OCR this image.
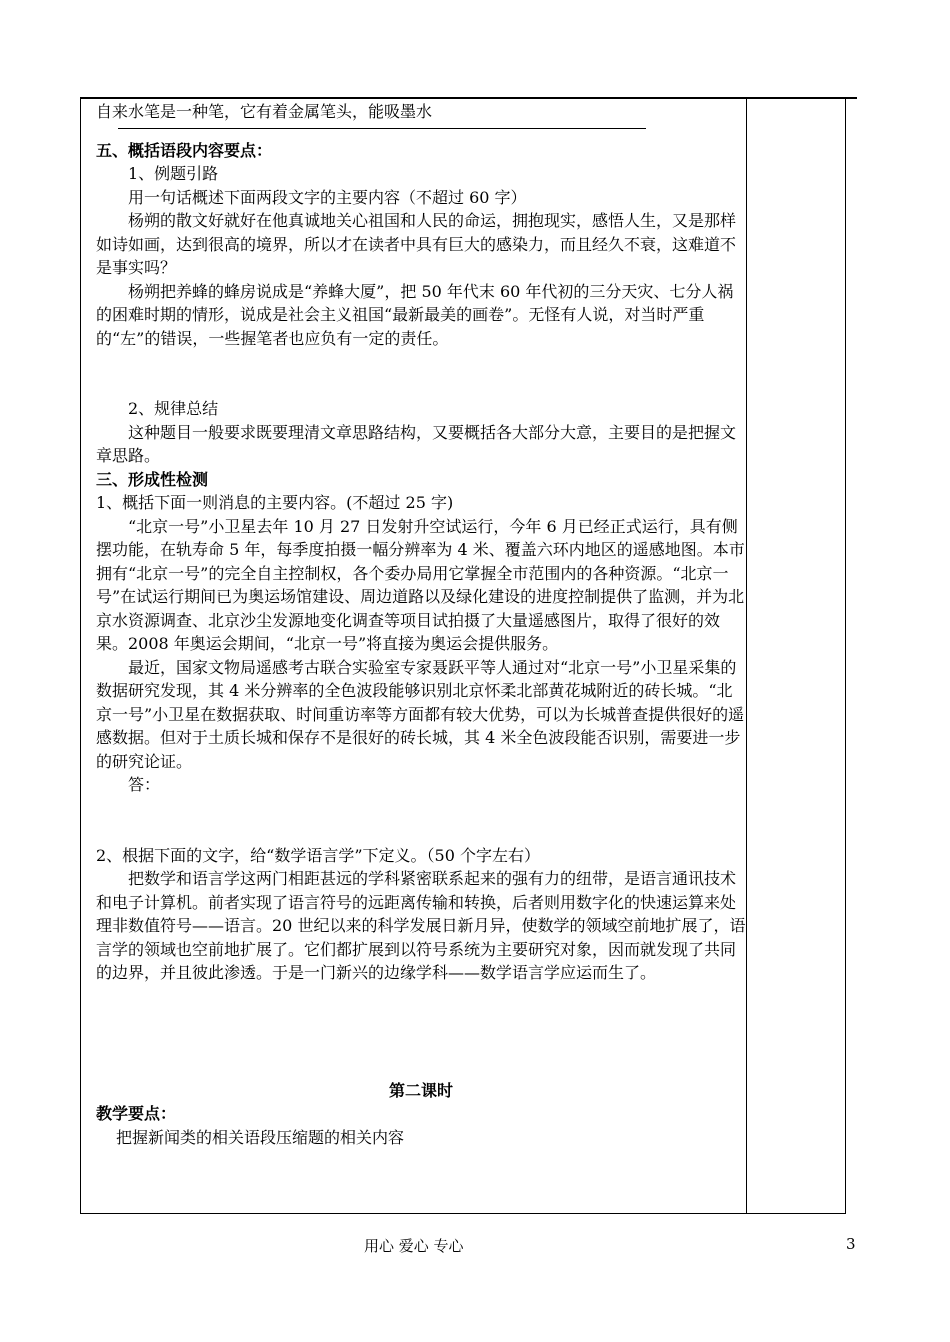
自来水笔是一种笔，它有着金属笔头，能吸墨水

五、概括语段内容要点：

1、例题引路

用一句话概述下面两段文字的主要内容（不超过 60 字）

杨朔的散文好就好在他真诚地关心祖国和人民的命运，拥抱现实，感悟人生，又是那样如诗如画，达到很高的境界，所以才在读者中具有巨大的感染力，而且经久不衰，这难道不是事实吗？

杨朔把养蜂的蜂房说成是“养蜂大厦”，把 50 年代末 60 年代初的三分天灾、七分人祸的困难时期的情形，说成是社会主义祖国“最新最美的画卷”。无怪有人说，对当时严重的“左”的错误，一些握笔者也应负有一定的责任。

2、规律总结

这种题目一般要求既要理清文章思路结构，又要概括各大部分大意，主要目的是把握文章思路。

三、形成性检测

1、概括下面一则消息的主要内容。(不超过 25 字)

“北京一号”小卫星去年 10 月 27 日发射升空试运行，今年 6 月已经正式运行，具有侧摆功能，在轨寿命 5 年，每季度拍摄一幅分辨率为 4 米、覆盖六环内地区的遥感地图。本市拥有“北京一号”的完全自主控制权，各个委办局用它掌握全市范围内的各种资源。“北京一号”在试运行期间已为奥运场馆建设、周边道路以及绿化建设的进度控制提供了监测，并为北京水资源调查、北京沙尘发源地变化调查等项目试拍摄了大量遥感图片，取得了很好的效果。2008 年奥运会期间，“北京一号”将直接为奥运会提供服务。

最近，国家文物局遥感考古联合实验室专家聂跃平等人通过对“北京一号”小卫星采集的数据研究发现，其 4 米分辨率的全色波段能够识别北京怀柔北部黄花城附近的砖长城。“北京一号”小卫星在数据获取、时间重访率等方面都有较大优势，可以为长城普查提供很好的遥感数据。但对于土质长城和保存不是很好的砖长城，其 4 米全色波段能否识别，需要进一步的研究论证。

答：

2、根据下面的文字，给“数学语言学”下定义。（50 个字左右）

把数学和语言学这两门相距甚远的学科紧密联系起来的强有力的纽带，是语言通讯技术和电子计算机。前者实现了语言符号的远距离传输和转换，后者则用数字化的快速运算来处理非数值符号——语言。20 世纪以来的科学发展日新月异，使数学的领域空前地扩展了，语言学的领域也空前地扩展了。它们都扩展到以符号系统为主要研究对象，因而就发现了共同的边界，并且彼此渗透。于是一门新兴的边缘学科——数学语言学应运而生了。

第二课时

教学要点：

把握新闻类的相关语段压缩题的相关内容

用心 爱心 专心	3
